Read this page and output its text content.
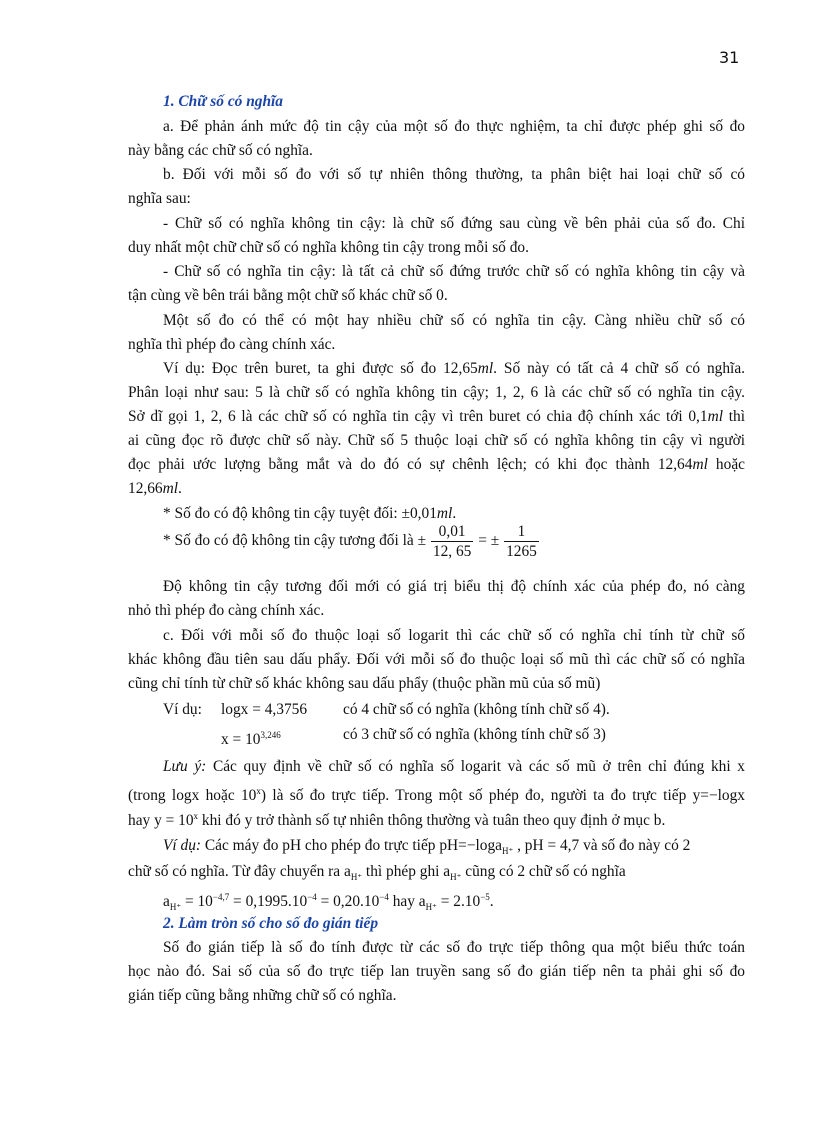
31
1. Chữ số có nghĩa
a. Để phản ánh mức độ tin cậy của một số đo thực nghiệm, ta chỉ được phép ghi số đo
này bằng các chữ số có nghĩa.
b. Đối với mỗi số đo với số tự nhiên thông thường, ta phân biệt hai loại chữ số có
nghĩa sau:
- Chữ số có nghĩa không tin cậy: là chữ số đứng sau cùng về bên phải của số đo. Chỉ
duy nhất một chữ chữ số có nghĩa không tin cậy trong mỗi số đo.
- Chữ số có nghĩa tin cậy: là tất cả chữ số đứng trước chữ số có nghĩa không tin cậy và
tận cùng về bên trái bằng một chữ số khác chữ số 0.
Một số đo có thể có một hay nhiều chữ số có nghĩa tin cậy. Càng nhiều chữ số có
nghĩa thì phép đo càng chính xác.
Ví dụ: Đọc trên buret, ta ghi được số đo 12,65ml. Số này có tất cả 4 chữ số có nghĩa.
Phân loại như sau: 5 là chữ số có nghĩa không tin cậy; 1, 2, 6 là các chữ số có nghĩa tin cậy.
Sở dĩ gọi 1, 2, 6 là các chữ số có nghĩa tin cậy vì trên buret có chia độ chính xác tới 0,1ml thì
ai cũng đọc rõ được chữ số này. Chữ số 5 thuộc loại chữ số có nghĩa không tin cậy vì người
đọc phải ước lượng bằng mắt và do đó có sự chênh lệch; có khi đọc thành 12,64ml hoặc
12,66ml.
* Số đo có độ không tin cậy tuyệt đối: ±0,01ml.
* Số đo có độ không tin cậy tương đối là ± $\frac{0,01}{12, 65}$ = ± $\frac{1}{1265}$
Độ không tin cậy tương đối mới có giá trị biểu thị độ chính xác của phép đo, nó càng
nhỏ thì phép đo càng chính xác.
c. Đối với mỗi số đo thuộc loại số logarit thì các chữ số có nghĩa chỉ tính từ chữ số
khác không đầu tiên sau dấu phẩy. Đối với mỗi số đo thuộc loại số mũ thì các chữ số có nghĩa
cũng chỉ tính từ chữ số khác không sau dấu phẩy (thuộc phần mũ của số mũ)
Ví dụ: logx = 4,3756 có 4 chữ số có nghĩa (không tính chữ số 4).
$x = 10^{3,246}$	có 3 chữ số có nghĩa (không tính chữ số 3)
Lưu ý: Các quy định về chữ số có nghĩa số logarit và các số mũ ở trên chỉ đúng khi x
(trong logx hoặc 10$^x$) là số đo trực tiếp. Trong một số phép đo, người ta đo trực tiếp y=−logx
hay $y = 10^x$ khi đó y trở thành số tự nhiên thông thường và tuân theo quy định ở mục b.
Ví dụ: Các máy đo pH cho phép đo trực tiếp pH=−loga$_{H^+}$ , pH = 4,7 và số đo này có 2
chữ số có nghĩa. Từ đây chuyển ra $a_{H^+}$ thì phép ghi $a_{H^+}$ cũng có 2 chữ số có nghĩa
$a_{H^+} = 10^{-4,7} = 0,1995.10^{-4} = 0,20.10^{-4}$ hay $a_{H^+} = 2.10^{-5}$.
2. Làm tròn số cho số đo gián tiếp
Số đo gián tiếp là số đo tính được từ các số đo trực tiếp thông qua một biểu thức toán
học nào đó. Sai số của số đo trực tiếp lan truyền sang số đo gián tiếp nên ta phải ghi số đo
gián tiếp cũng bằng những chữ số có nghĩa.
